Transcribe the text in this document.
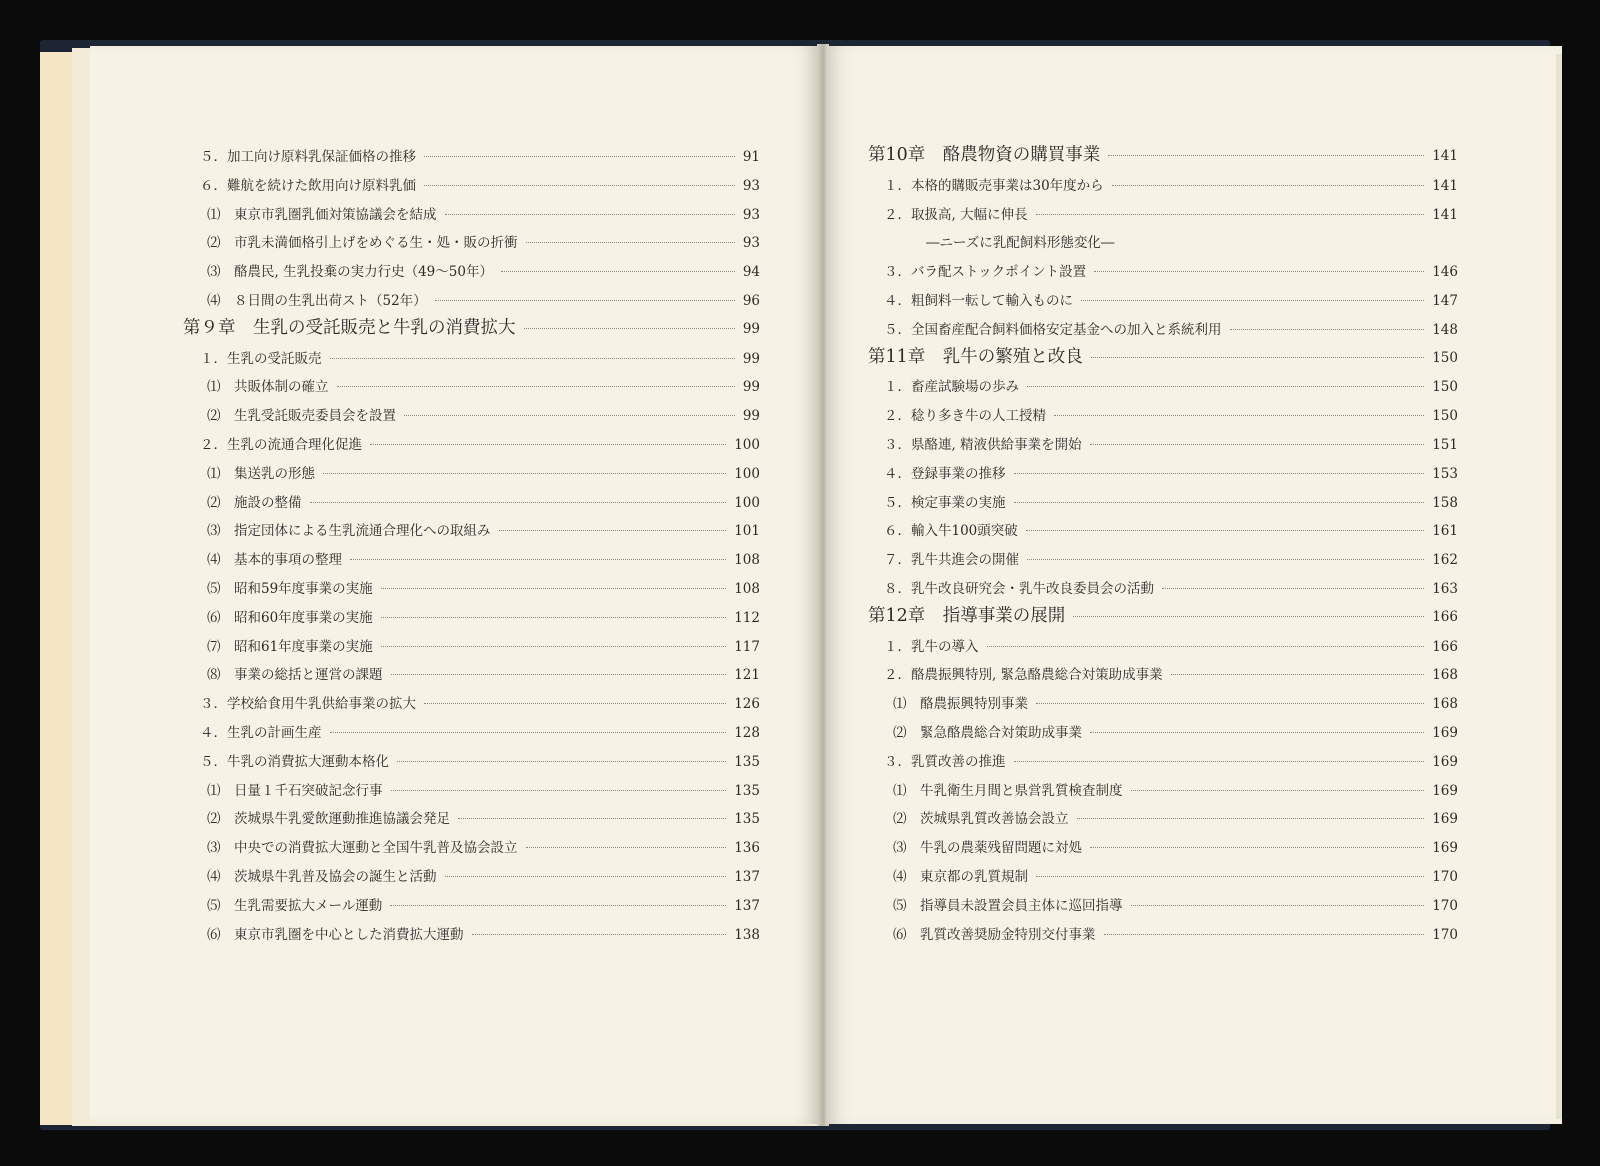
５．加工向け原料乳保証価格の推移	91
６．難航を続けた飲用向け原料乳価	93
⑴　東京市乳圏乳価対策協議会を結成	93
⑵　市乳未満価格引上げをめぐる生・処・販の折衝	93
⑶　酪農民, 生乳投棄の実力行史（49〜50年）	94
⑷　８日間の生乳出荷スト（52年）	96
第９章　生乳の受託販売と牛乳の消費拡大	99
１．生乳の受託販売	99
⑴　共販体制の確立	99
⑵　生乳受託販売委員会を設置	99
２．生乳の流通合理化促進	100
⑴　集送乳の形態	100
⑵　施設の整備	100
⑶　指定団体による生乳流通合理化への取組み	101
⑷　基本的事項の整理	108
⑸　昭和59年度事業の実施	108
⑹　昭和60年度事業の実施	112
⑺　昭和61年度事業の実施	117
⑻　事業の総括と運営の課題	121
３．学校給食用牛乳供給事業の拡大	126
４．生乳の計画生産	128
５．牛乳の消費拡大運動本格化	135
⑴　日量１千石突破記念行事	135
⑵　茨城県牛乳愛飲運動推進協議会発足	135
⑶　中央での消費拡大運動と全国牛乳普及協会設立	136
⑷　茨城県牛乳普及協会の誕生と活動	137
⑸　生乳需要拡大メール運動	137
⑹　東京市乳圏を中心とした消費拡大運動	138
第10章　酪農物資の購買事業	141
１．本格的購販売事業は30年度から	141
２．取扱高, 大幅に伸長	141
―ニーズに乳配飼料形態変化―
３．バラ配ストックポイント設置	146
４．粗飼料一転して輸入ものに	147
５．全国畜産配合飼料価格安定基金への加入と系統利用	148
第11章　乳牛の繁殖と改良	150
１．畜産試験場の歩み	150
２．稔り多き牛の人工授精	150
３．県酪連, 精液供給事業を開始	151
４．登録事業の推移	153
５．検定事業の実施	158
６．輸入牛100頭突破	161
７．乳牛共進会の開催	162
８．乳牛改良研究会・乳牛改良委員会の活動	163
第12章　指導事業の展開	166
１．乳牛の導入	166
２．酪農振興特別, 緊急酪農総合対策助成事業	168
⑴　酪農振興特別事業	168
⑵　緊急酪農総合対策助成事業	169
３．乳質改善の推進	169
⑴　牛乳衛生月間と県営乳質検査制度	169
⑵　茨城県乳質改善協会設立	169
⑶　牛乳の農薬残留問題に対処	169
⑷　東京都の乳質規制	170
⑸　指導員未設置会員主体に巡回指導	170
⑹　乳質改善奨励金特別交付事業	170
